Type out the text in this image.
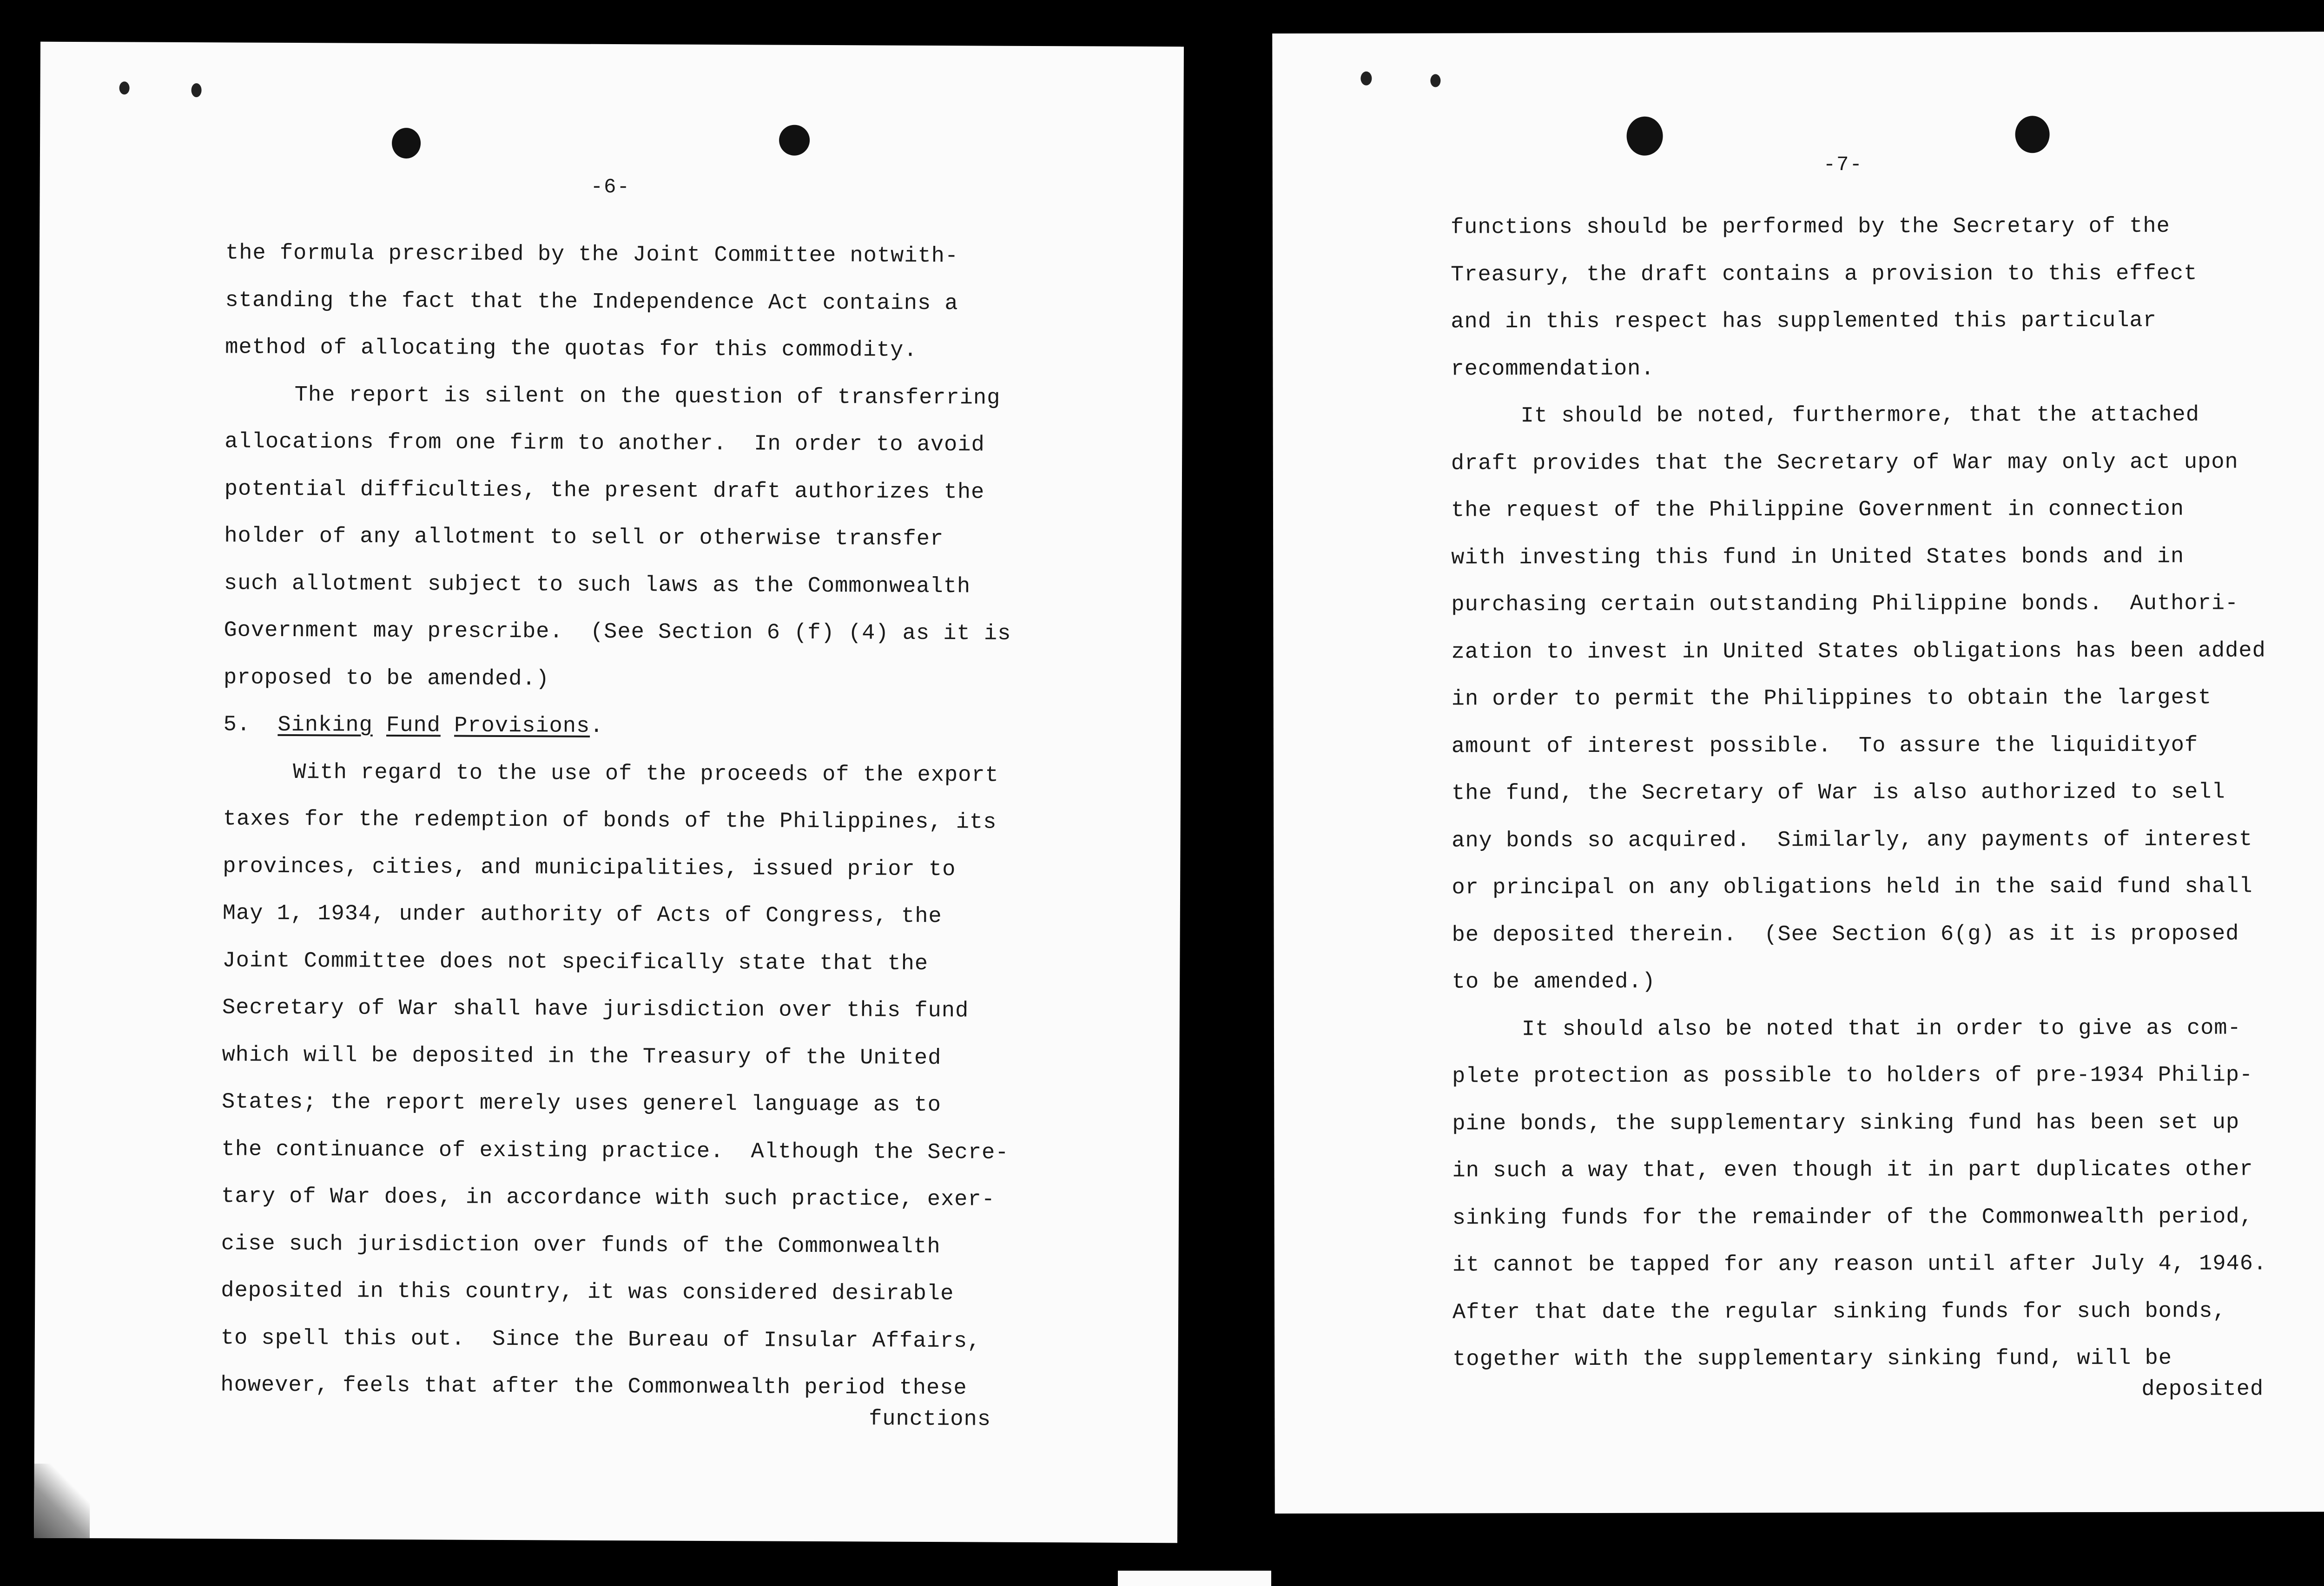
-6-
the formula prescribed by the Joint Committee notwith-
standing the fact that the Independence Act contains a
method of allocating the quotas for this commodity.
The report is silent on the question of transferring
allocations from one firm to another.  In order to avoid
potential difficulties, the present draft authorizes the
holder of any allotment to sell or otherwise transfer
such allotment subject to such laws as the Commonwealth
Government may prescribe.  (See Section 6 (f) (4) as it is
proposed to be amended.)
5.  Sinking Fund Provisions.
With regard to the use of the proceeds of the export
taxes for the redemption of bonds of the Philippines, its
provinces, cities, and municipalities, issued prior to
May 1, 1934, under authority of Acts of Congress, the
Joint Committee does not specifically state that the
Secretary of War shall have jurisdiction over this fund
which will be deposited in the Treasury of the United
States; the report merely uses generel language as to
the continuance of existing practice.  Although the Secre-
tary of War does, in accordance with such practice, exer-
cise such jurisdiction over funds of the Commonwealth
deposited in this country, it was considered desirable
to spell this out.  Since the Bureau of Insular Affairs,
however, feels that after the Commonwealth period these
functions
-7-
functions should be performed by the Secretary of the
Treasury, the draft contains a provision to this effect
and in this respect has supplemented this particular
recommendation.
It should be noted, furthermore, that the attached
draft provides that the Secretary of War may only act upon
the request of the Philippine Government in connection
with investing this fund in United States bonds and in
purchasing certain outstanding Philippine bonds.  Authori-
zation to invest in United States obligations has been added
in order to permit the Philippines to obtain the largest
amount of interest possible.  To assure the liquidityof
the fund, the Secretary of War is also authorized to sell
any bonds so acquired.  Similarly, any payments of interest
or principal on any obligations held in the said fund shall
be deposited therein.  (See Section 6(g) as it is proposed
to be amended.)
It should also be noted that in order to give as com-
plete protection as possible to holders of pre-1934 Philip-
pine bonds, the supplementary sinking fund has been set up
in such a way that, even though it in part duplicates other
sinking funds for the remainder of the Commonwealth period,
it cannot be tapped for any reason until after July 4, 1946.
After that date the regular sinking funds for such bonds,
together with the supplementary sinking fund, will be
deposited
